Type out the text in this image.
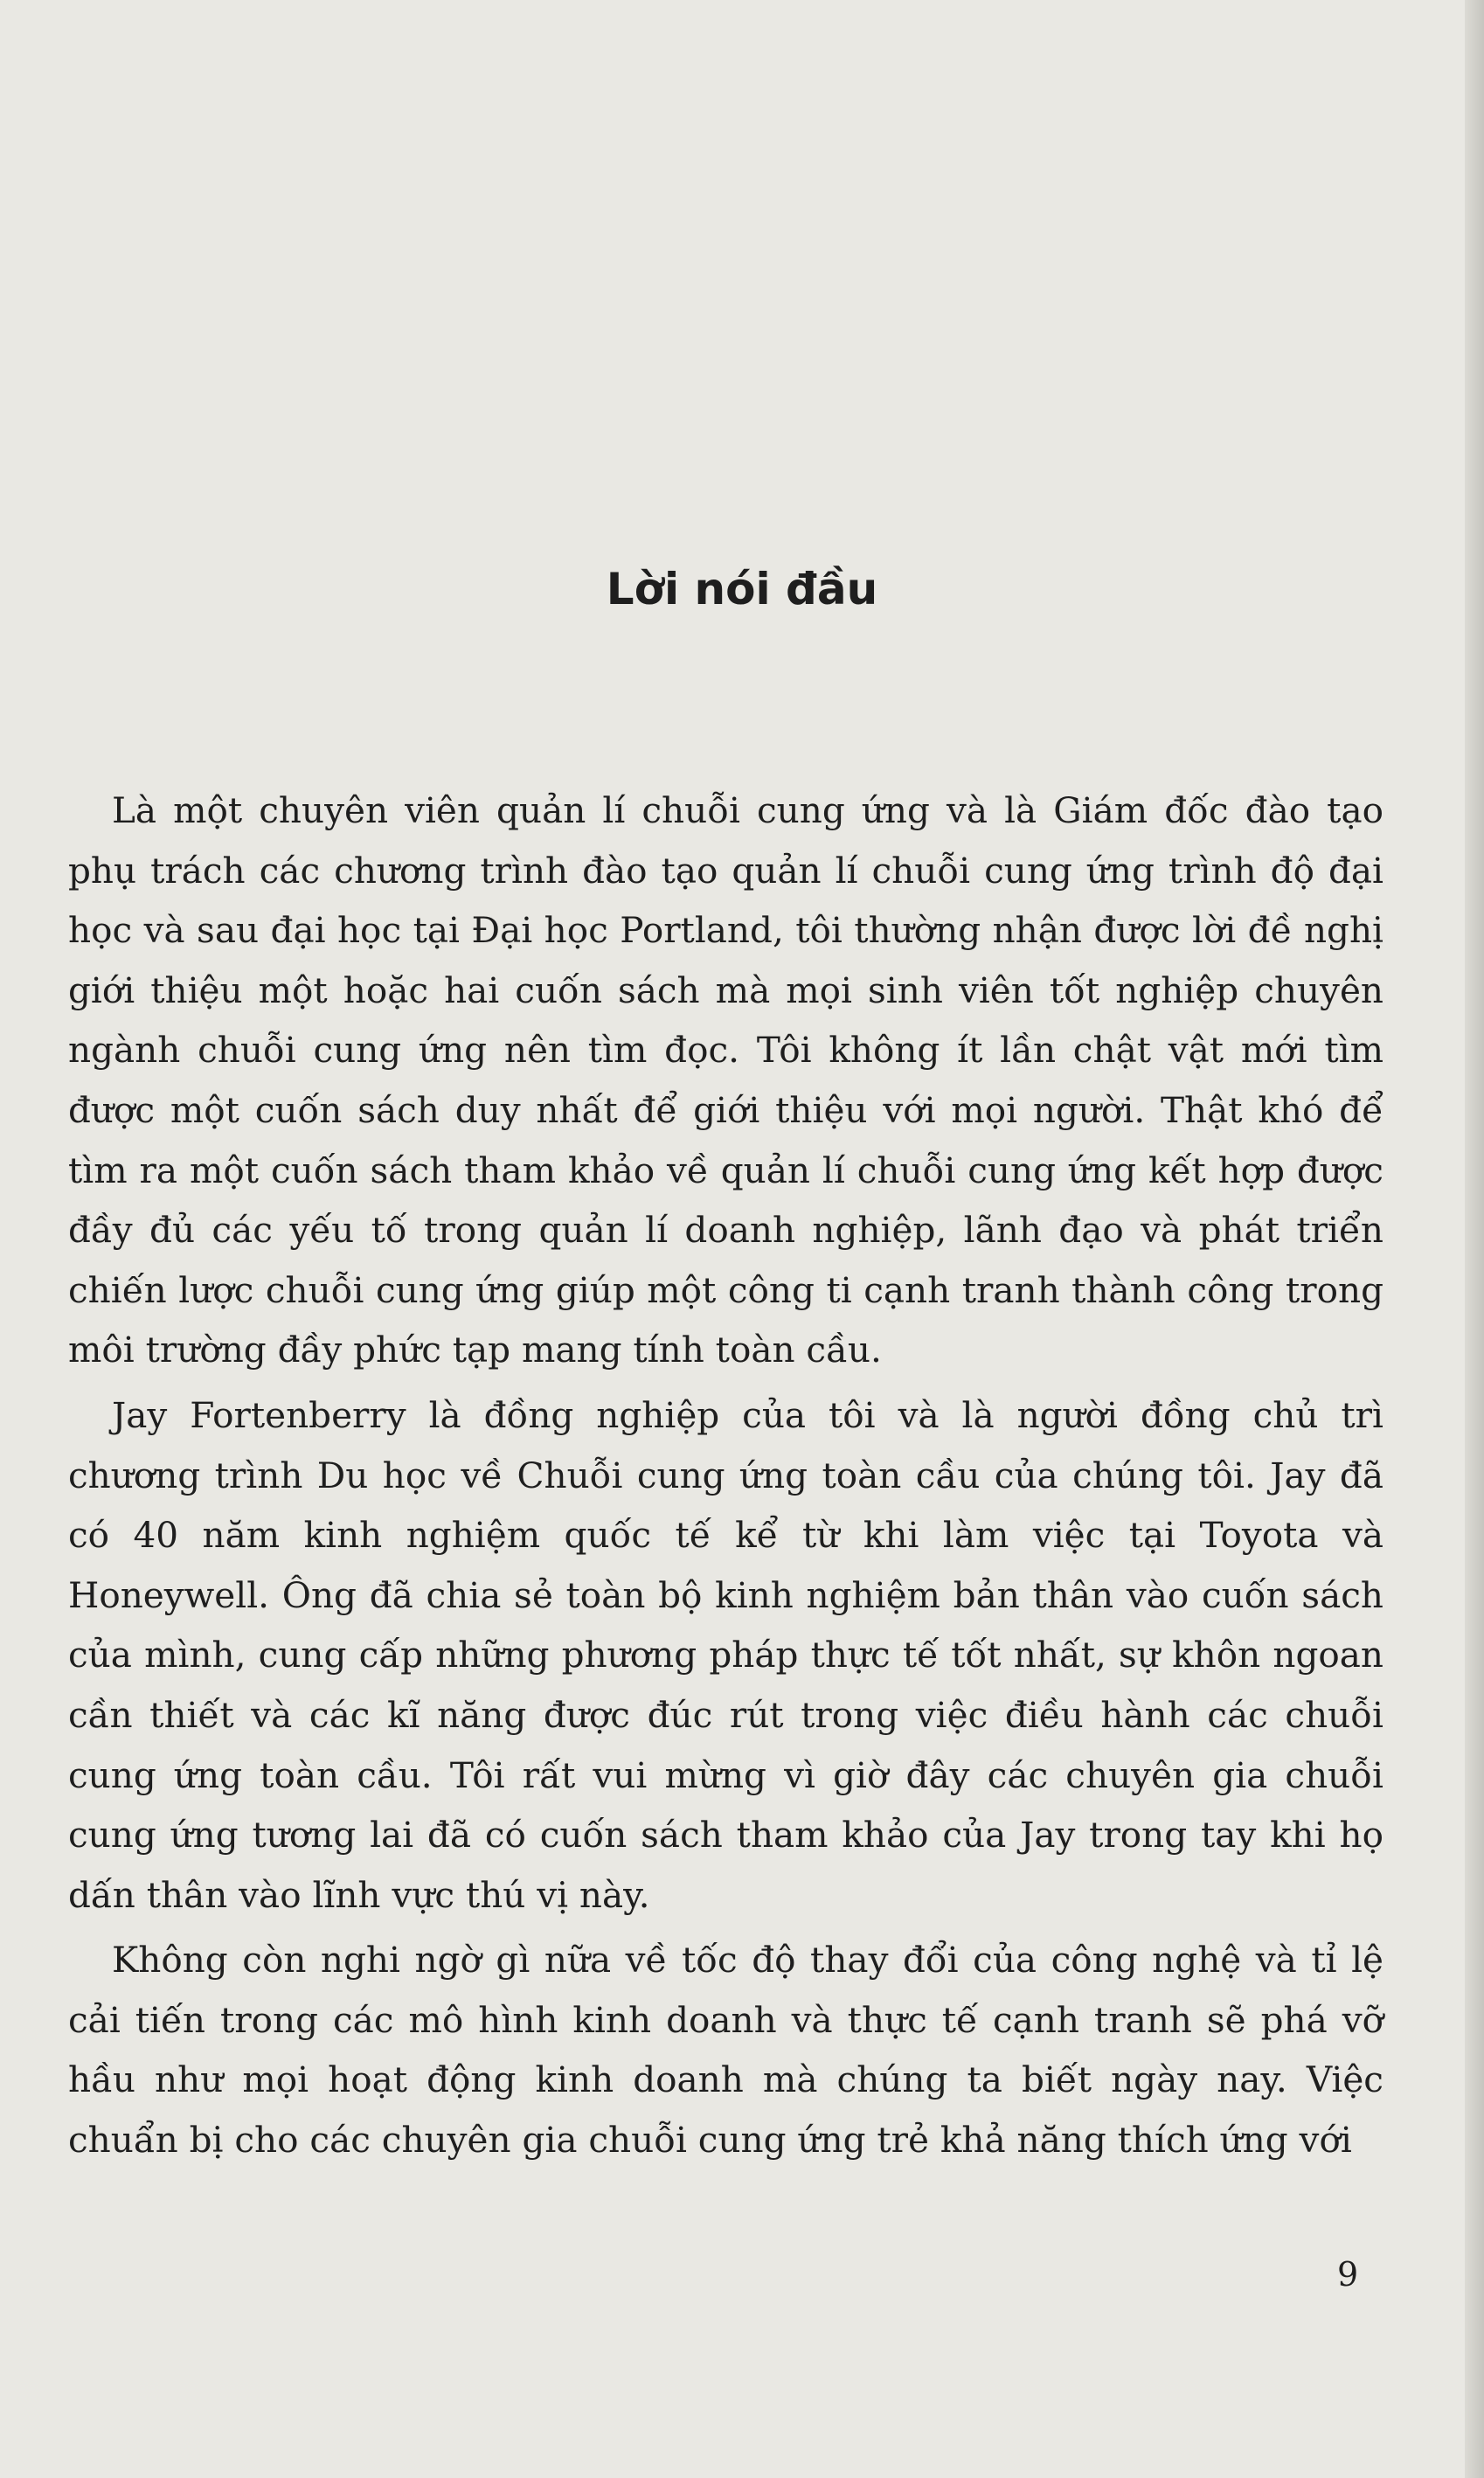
Lời nói đầu

Là một chuyên viên quản lí chuỗi cung ứng và là Giám đốc đào tạo phụ trách các chương trình đào tạo quản lí chuỗi cung ứng trình độ đại học và sau đại học tại Đại học Portland, tôi thường nhận được lời đề nghị giới thiệu một hoặc hai cuốn sách mà mọi sinh viên tốt nghiệp chuyên ngành chuỗi cung ứng nên tìm đọc. Tôi không ít lần chật vật mới tìm được một cuốn sách duy nhất để giới thiệu với mọi người. Thật khó để tìm ra một cuốn sách tham khảo về quản lí chuỗi cung ứng kết hợp được đầy đủ các yếu tố trong quản lí doanh nghiệp, lãnh đạo và phát triển chiến lược chuỗi cung ứng giúp một công ti cạnh tranh thành công trong môi trường đầy phức tạp mang tính toàn cầu.

Jay Fortenberry là đồng nghiệp của tôi và là người đồng chủ trì chương trình Du học về Chuỗi cung ứng toàn cầu của chúng tôi. Jay đã có 40 năm kinh nghiệm quốc tế kể từ khi làm việc tại Toyota và Honeywell. Ông đã chia sẻ toàn bộ kinh nghiệm bản thân vào cuốn sách của mình, cung cấp những phương pháp thực tế tốt nhất, sự khôn ngoan cần thiết và các kĩ năng được đúc rút trong việc điều hành các chuỗi cung ứng toàn cầu. Tôi rất vui mừng vì giờ đây các chuyên gia chuỗi cung ứng tương lai đã có cuốn sách tham khảo của Jay trong tay khi họ dấn thân vào lĩnh vực thú vị này.

Không còn nghi ngờ gì nữa về tốc độ thay đổi của công nghệ và tỉ lệ cải tiến trong các mô hình kinh doanh và thực tế cạnh tranh sẽ phá vỡ hầu như mọi hoạt động kinh doanh mà chúng ta biết ngày nay. Việc chuẩn bị cho các chuyên gia chuỗi cung ứng trẻ khả năng thích ứng với

9
